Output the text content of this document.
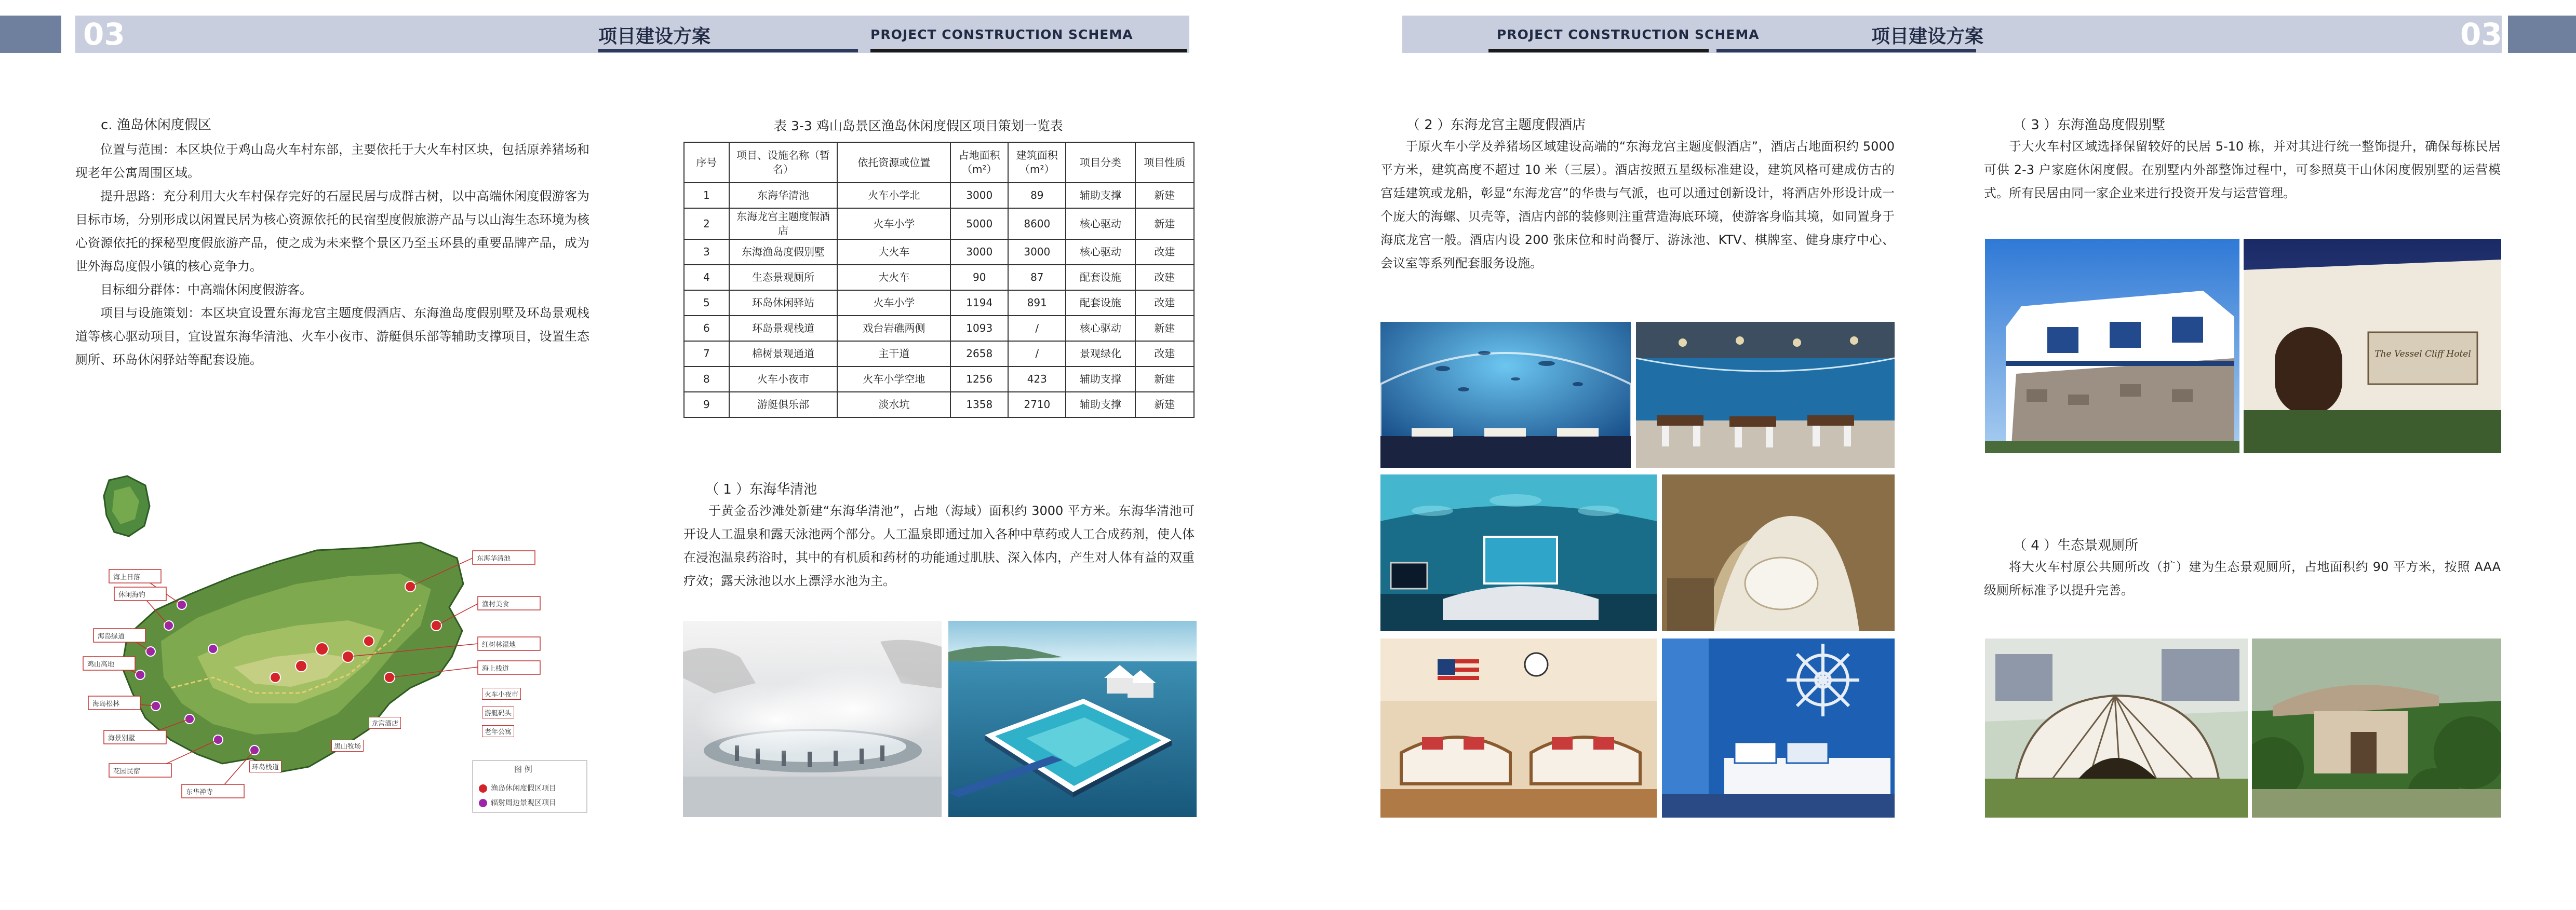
03	项目建设方案	PROJECT CONSTRUCTION SCHEMA	03
PROJECT CONSTRUCTION SCHEMA	项目建设方案
c. 渔岛休闲度假区

位置与范围：本区块位于鸡山岛火车村东部，主要依托于大火车村区块，包括原养猪场和现老年公寓周围区域。

提升思路：充分利用大火车村保存完好的石屋民居与成群古树，以中高端休闲度假游客为目标市场，分别形成以闲置民居为核心资源依托的民宿型度假旅游产品与以山海生态环境为核心资源依托的探秘型度假旅游产品，使之成为未来整个景区乃至玉环县的重要品牌产品，成为世外海岛度假小镇的核心竞争力。

目标细分群体：中高端休闲度假游客。

项目与设施策划：本区块宜设置东海龙宫主题度假酒店、东海渔岛度假别墅及环岛景观栈道等核心驱动项目，宜设置东海华清池、火车小夜市、游艇俱乐部等辅助支撑项目，设置生态厕所、环岛休闲驿站等配套设施。

图 例
渔岛休闲度假区项目
辐射周边景观区项目
海上日落
休闲海钓
海岛绿道
鸡山高地
海岛松林
海景别墅
花园民宿
东华禅寺
东海华清池
渔村美食
红树林湿地
海上栈道
环岛栈道
黑山牧场
火车小夜市
游艇码头
老年公寓
龙宫酒店
表 3-3 鸡山岛景区渔岛休闲度假区项目策划一览表
序号	项目、设施名称（暂名）	依托资源或位置	占地面积（m²）	建筑面积（m²）	项目分类	项目性质
1	东海华清池	火车小学北	3000	89	辅助支撑	新建
2	东海龙宫主题度假酒店	火车小学	5000	8600	核心驱动	新建
3	东海渔岛度假别墅	大火车	3000	3000	核心驱动	改建
4	生态景观厕所	大火车	90	87	配套设施	改建
5	环岛休闲驿站	火车小学	1194	891	配套设施	改建
6	环岛景观栈道	戏台岩礁两侧	1093	/	核心驱动	新建
7	棉树景观通道	主干道	2658	/	景观绿化	改建
8	火车小夜市	火车小学空地	1256	423	辅助支撑	新建
9	游艇俱乐部	淡水坑	1358	2710	辅助支撑	新建
（ 1 ）东海华清池

于黄金岙沙滩处新建“东海华清池”，占地（海域）面积约 3000 平方米。东海华清池可开设人工温泉和露天泳池两个部分。人工温泉即通过加入各种中草药或人工合成药剂，使人体在浸泡温泉药浴时，其中的有机质和药材的功能通过肌肤、深入体内，产生对人体有益的双重疗效；露天泳池以水上漂浮水池为主。

（ 2 ）东海龙宫主题度假酒店

于原火车小学及养猪场区域建设高端的“东海龙宫主题度假酒店”，酒店占地面积约 5000 平方米，建筑高度不超过 10 米（三层）。酒店按照五星级标准建设，建筑风格可建成仿古的宫廷建筑或龙船，彰显“东海龙宫”的华贵与气派，也可以通过创新设计，将酒店外形设计成一个庞大的海螺、贝壳等，酒店内部的装修则注重营造海底环境，使游客身临其境，如同置身于海底龙宫一般。酒店内设 200 张床位和时尚餐厅、游泳池、KTV、棋牌室、健身康疗中心、会议室等系列配套服务设施。

（ 3 ）东海渔岛度假别墅

于大火车村区域选择保留较好的民居 5-10 栋，并对其进行统一整饰提升，确保每栋民居可供 2-3 户家庭休闲度假。在别墅内外部整饰过程中，可参照莫干山休闲度假别墅的运营模式。所有民居由同一家企业来进行投资开发与运营管理。

The Vessel Cliff Hotel
（ 4 ）生态景观厕所

将大火车村原公共厕所改（扩）建为生态景观厕所，占地面积约 90 平方米，按照 AAA 级厕所标准予以提升完善。
